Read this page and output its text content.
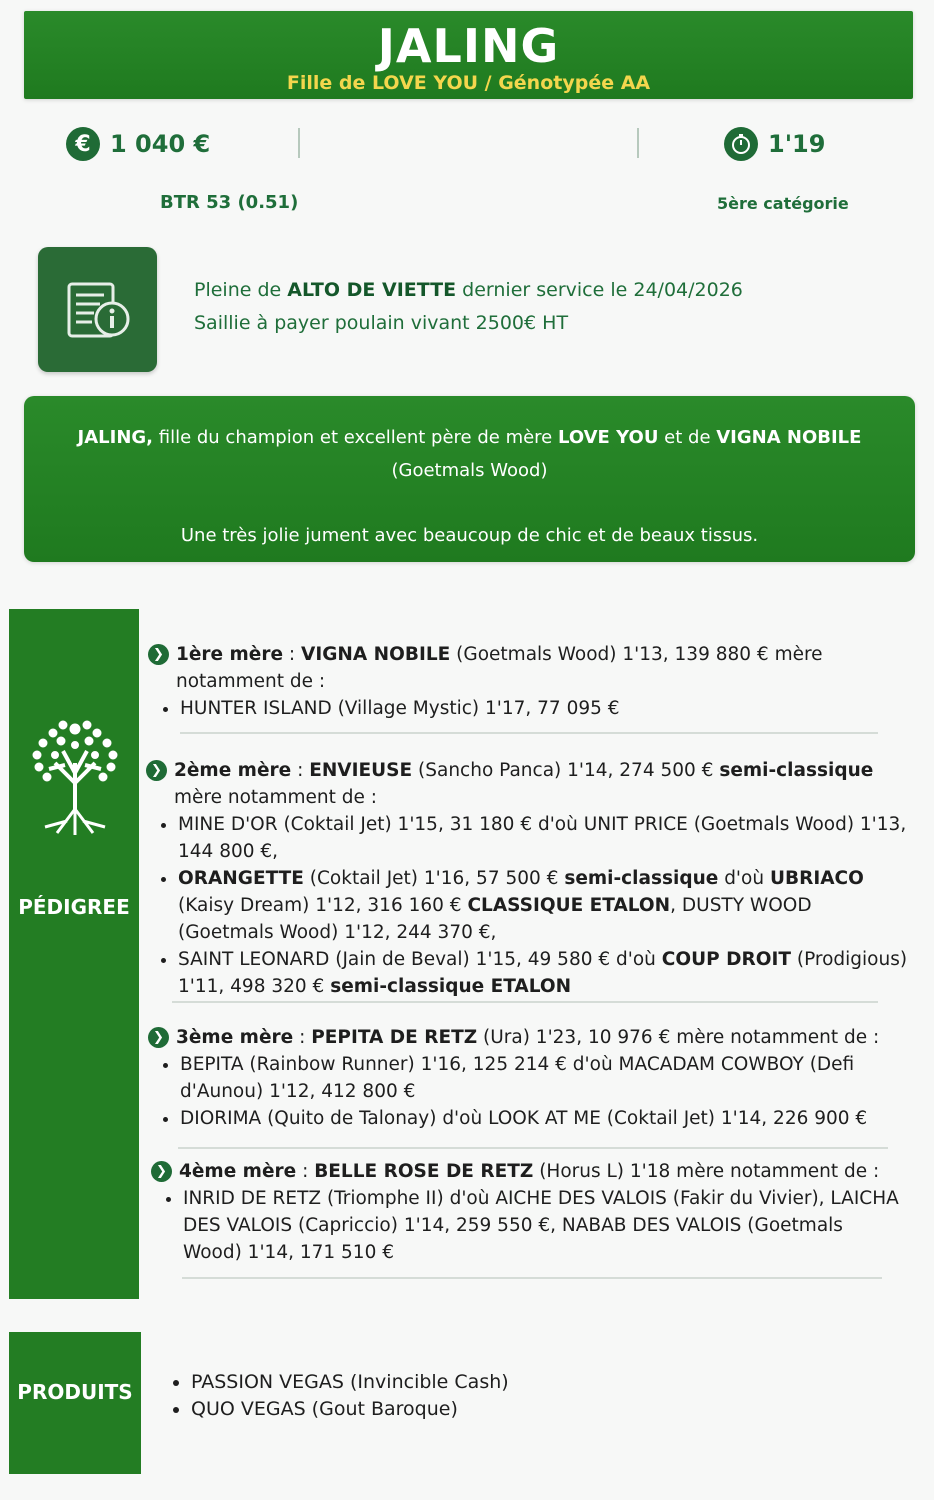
JALING
Fille de LOVE YOU / Génotypée AA
€ 1 040 €	1'19
BTR 53 (0.51)	5ère catégorie
Pleine de ALTO DE VIETTE dernier service le 24/04/2026
Saillie à payer poulain vivant 2500€ HT

JALING, fille du champion et excellent père de mère LOVE YOU et de VIGNA NOBILE

(Goetmals Wood)

Une très jolie jument avec beaucoup de chic et de beaux tissus.

PÉDIGREE
❯ 1ère mère : VIGNA NOBILE (Goetmals Wood) 1'13, 139 880 € mère notamment de :
• HUNTER ISLAND (Village Mystic) 1'17, 77 095 €
❯ 2ème mère : ENVIEUSE (Sancho Panca) 1'14, 274 500 € semi-classique mère notamment de :
• MINE D'OR (Coktail Jet) 1'15, 31 180 € d'où UNIT PRICE (Goetmals Wood) 1'13, 144 800 €,
• ORANGETTE (Coktail Jet) 1'16, 57 500 € semi-classique d'où UBRIACO (Kaisy Dream) 1'12, 316 160 € CLASSIQUE ETALON, DUSTY WOOD (Goetmals Wood) 1'12, 244 370 €,
• SAINT LEONARD (Jain de Beval) 1'15, 49 580 € d'où COUP DROIT (Prodigious) 1'11, 498 320 € semi-classique ETALON
❯ 3ème mère : PEPITA DE RETZ (Ura) 1'23, 10 976 € mère notamment de :
• BEPITA (Rainbow Runner) 1'16, 125 214 € d'où MACADAM COWBOY (Defi d'Aunou) 1'12, 412 800 €
• DIORIMA (Quito de Talonay) d'où LOOK AT ME (Coktail Jet) 1'14, 226 900 €
❯ 4ème mère : BELLE ROSE DE RETZ (Horus L) 1'18 mère notamment de :
• INRID DE RETZ (Triomphe II) d'où AICHE DES VALOIS (Fakir du Vivier), LAICHA DES VALOIS (Capriccio) 1'14, 259 550 €, NABAB DES VALOIS (Goetmals Wood) 1'14, 171 510 €
PRODUITS
•	PASSION VEGAS (Invincible Cash)
• QUO VEGAS (Gout Baroque)
